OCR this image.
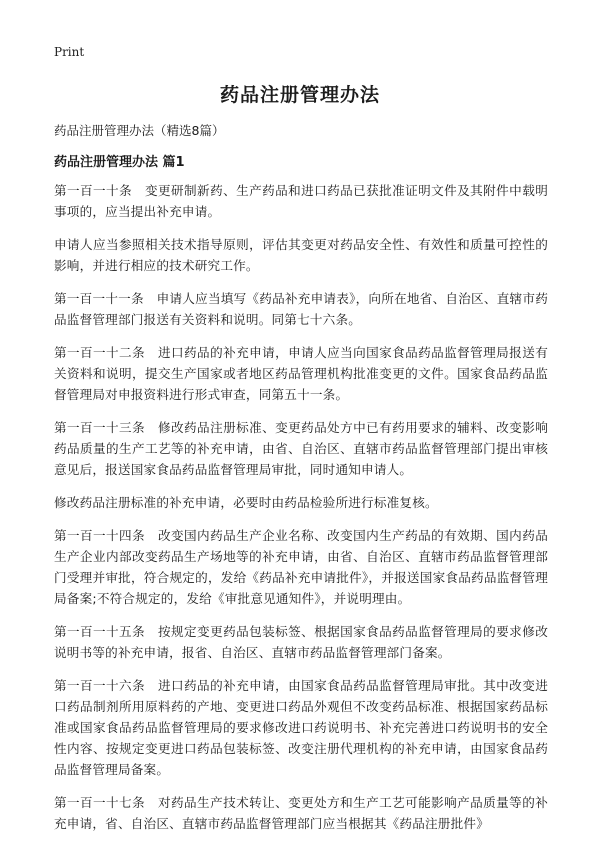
Print

药品注册管理办法

药品注册管理办法（精选8篇）

药品注册管理办法 篇1

第一百一十条　变更研制新药、生产药品和进口药品已获批准证明文件及其附件中载明事项的，应当提出补充申请。

申请人应当参照相关技术指导原则，评估其变更对药品安全性、有效性和质量可控性的影响，并进行相应的技术研究工作。

第一百一十一条　申请人应当填写《药品补充申请表》，向所在地省、自治区、直辖市药品监督管理部门报送有关资料和说明。同第七十六条。

第一百一十二条　进口药品的补充申请，申请人应当向国家食品药品监督管理局报送有关资料和说明，提交生产国家或者地区药品管理机构批准变更的文件。国家食品药品监督管理局对申报资料进行形式审查，同第五十一条。

第一百一十三条　修改药品注册标准、变更药品处方中已有药用要求的辅料、改变影响药品质量的生产工艺等的补充申请，由省、自治区、直辖市药品监督管理部门提出审核意见后，报送国家食品药品监督管理局审批，同时通知申请人。

修改药品注册标准的补充申请，必要时由药品检验所进行标准复核。

第一百一十四条　改变国内药品生产企业名称、改变国内生产药品的有效期、国内药品生产企业内部改变药品生产场地等的补充申请，由省、自治区、直辖市药品监督管理部门受理并审批，符合规定的，发给《药品补充申请批件》，并报送国家食品药品监督管理局备案;不符合规定的，发给《审批意见通知件》，并说明理由。

第一百一十五条　按规定变更药品包装标签、根据国家食品药品监督管理局的要求修改说明书等的补充申请，报省、自治区、直辖市药品监督管理部门备案。

第一百一十六条　进口药品的补充申请，由国家食品药品监督管理局审批。其中改变进口药品制剂所用原料药的产地、变更进口药品外观但不改变药品标准、根据国家药品标准或国家食品药品监督管理局的要求修改进口药说明书、补充完善进口药说明书的安全性内容、按规定变更进口药品包装标签、改变注册代理机构的补充申请，由国家食品药品监督管理局备案。

第一百一十七条　对药品生产技术转让、变更处方和生产工艺可能影响产品质量等的补充申请，省、自治区、直辖市药品监督管理部门应当根据其《药品注册批件》
